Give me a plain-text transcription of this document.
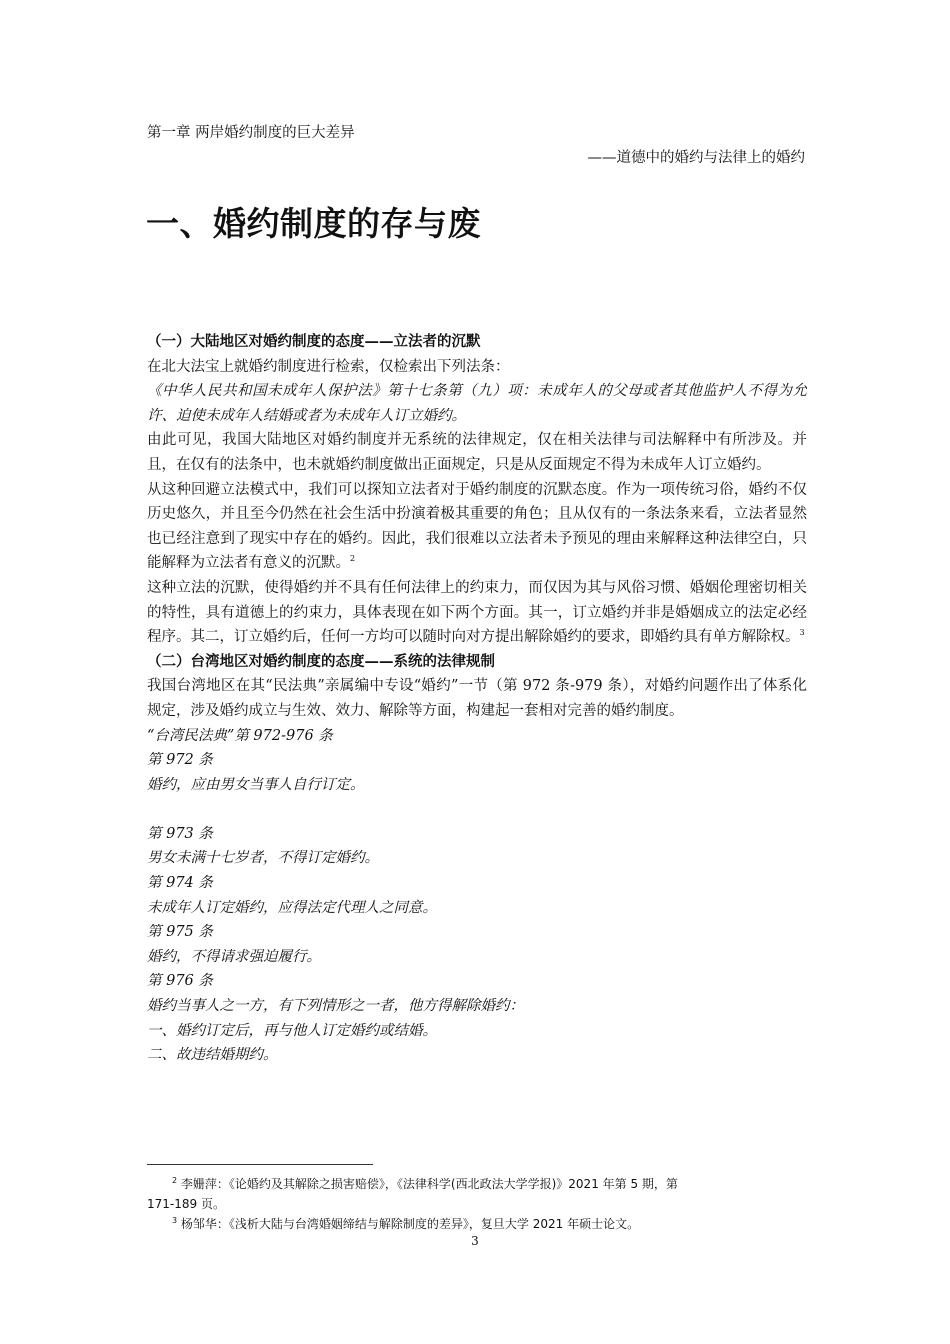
第一章 两岸婚约制度的巨大差异
——道德中的婚约与法律上的婚约
一、婚约制度的存与废

（一）大陆地区对婚约制度的态度——立法者的沉默

在北大法宝上就婚约制度进行检索，仅检索出下列法条：

《中华人民共和国未成年人保护法》第十七条第（九）项：未成年人的父母或者其他监护人不得为允许、迫使未成年人结婚或者为未成年人订立婚约。

由此可见，我国大陆地区对婚约制度并无系统的法律规定，仅在相关法律与司法解释中有所涉及。并且，在仅有的法条中，也未就婚约制度做出正面规定，只是从反面规定不得为未成年人订立婚约。

从这种回避立法模式中，我们可以探知立法者对于婚约制度的沉默态度。作为一项传统习俗，婚约不仅历史悠久，并且至今仍然在社会生活中扮演着极其重要的角色；且从仅有的一条法条来看，立法者显然也已经注意到了现实中存在的婚约。因此，我们很难以立法者未予预见的理由来解释这种法律空白，只能解释为立法者有意义的沉默。$^2$

这种立法的沉默，使得婚约并不具有任何法律上的约束力，而仅因为其与风俗习惯、婚姻伦理密切相关的特性，具有道德上的约束力，具体表现在如下两个方面。其一，订立婚约并非是婚姻成立的法定必经程序。其二，订立婚约后，任何一方均可以随时向对方提出解除婚约的要求，即婚约具有单方解除权。$^3$

（二）台湾地区对婚约制度的态度——系统的法律规制

我国台湾地区在其“民法典”亲属编中专设“婚约”一节（第 972 条-979 条），对婚约问题作出了体系化规定，涉及婚约成立与生效、效力、解除等方面，构建起一套相对完善的婚约制度。

“台湾民法典”第 972-976 条

第 972 条

婚约，应由男女当事人自行订定。

第 973 条

男女未满十七岁者，不得订定婚约。

第 974 条

未成年人订定婚约，应得法定代理人之同意。

第 975 条

婚约，不得请求强迫履行。

第 976 条

婚约当事人之一方，有下列情形之一者，他方得解除婚约：

一、婚约订定后，再与他人订定婚约或结婚。

二、故违结婚期约。

$^2$ 李姗萍：《论婚约及其解除之损害赔偿》，《法律科学(西北政法大学学报)》2021 年第 5 期，第

171-189 页。

$^3$ 杨邹华：《浅析大陆与台湾婚姻缔结与解除制度的差异》，复旦大学 2021 年硕士论文。

3
